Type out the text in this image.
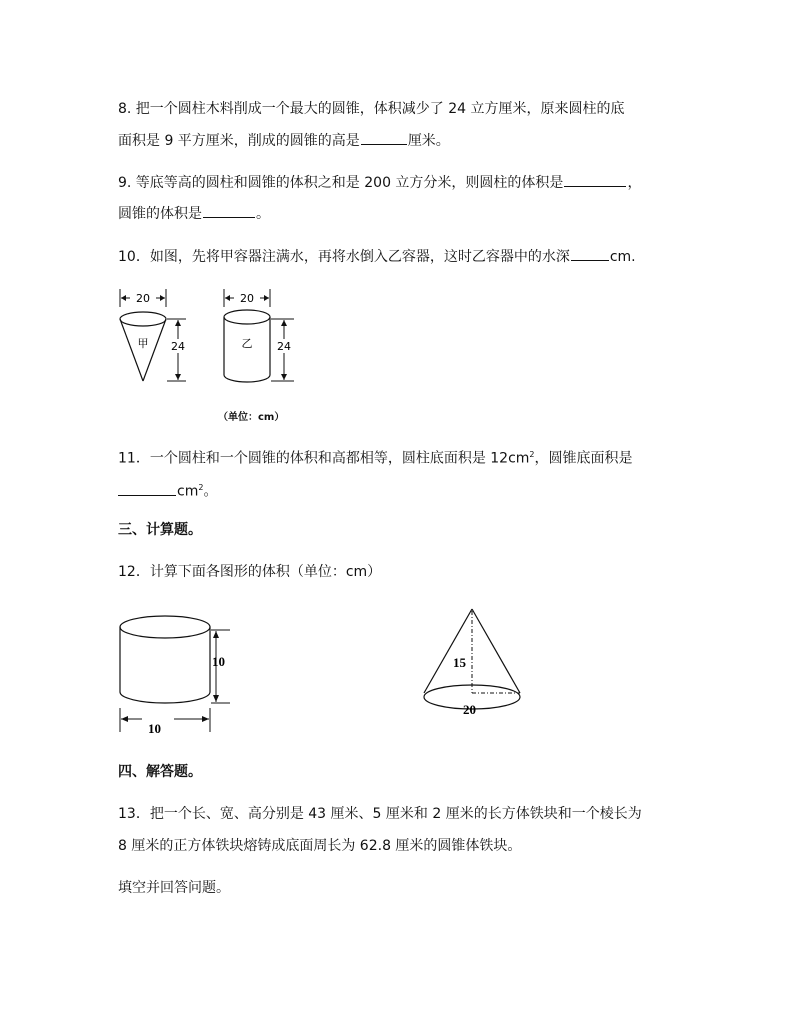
8. 把一个圆柱木料削成一个最大的圆锥，体积减少了 24 立方厘米，原来圆柱的底
面积是 9 平方厘米，削成的圆锥的高是	厘米。
9. 等底等高的圆柱和圆锥的体积之和是 200 立方分米，则圆柱的体积是	，
圆锥的体积是	。
10．如图，先将甲容器注满水，再将水倒入乙容器，这时乙容器中的水深	cm.
20
甲 24
20
乙 24
（单位：cm）
11．一个圆柱和一个圆锥的体积和高都相等，圆柱底面积是 $12cm^2$，圆锥底面积是
$cm^2$。
三、计算题。
12．计算下面各图形的体积（单位：cm）
10
10
15
20
四、解答题。
13．把一个长、宽、高分别是 43 厘米、5 厘米和 2 厘米的长方体铁块和一个棱长为
8 厘米的正方体铁块熔铸成底面周长为 62.8 厘米的圆锥体铁块。
填空并回答问题。
